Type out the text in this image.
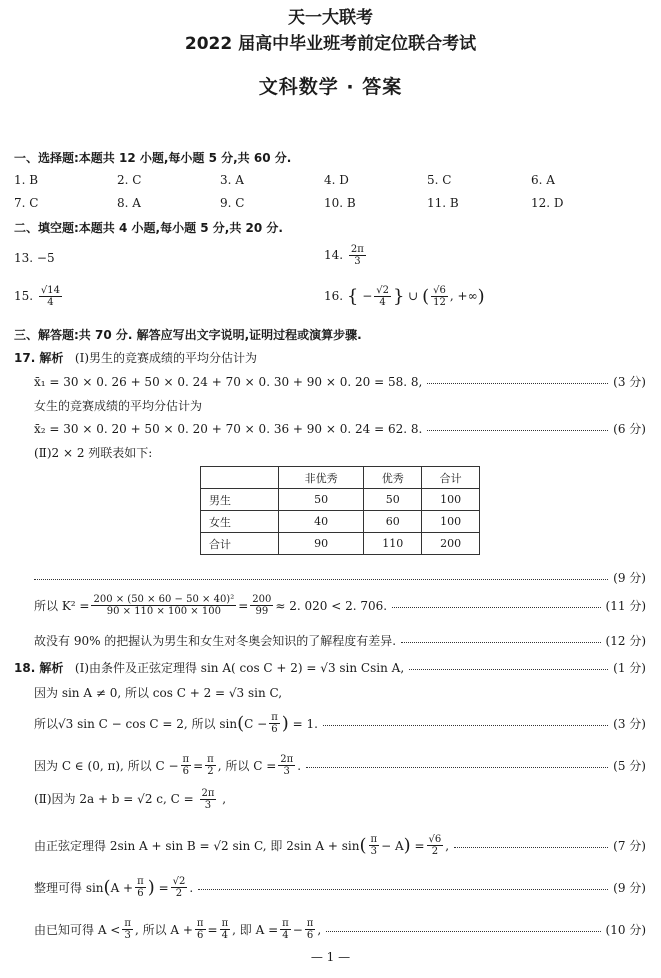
天一大联考
2022 届高中毕业班考前定位联合考试
文科数学 · 答案
一、选择题:本题共 12 小题,每小题 5 分,共 60 分.
1. B	2. C	3. A	4. D	5. C	6. A
7. C	8. A	9. C	10. B	11. B	12. D
二、填空题:本题共 4 小题,每小题 5 分,共 20 分.
13. −5	14. $\frac{2\pi}{3}$
15. $\frac{√14}{4}$	16. { − $\frac{√2}{4}$ } ∪ ( $\frac{√6}{12}$ , +∞)
三、解答题:共 70 分. 解答应写出文字说明,证明过程或演算步骤.
17. 解析 (Ⅰ)男生的竞赛成绩的平均分估计为
x̄₁ = 30 × 0. 26 + 50 × 0. 24 + 70 × 0. 30 + 90 × 0. 20 = 58. 8,	(3 分)
女生的竞赛成绩的平均分估计为
x̄₂ = 30 × 0. 20 + 50 × 0. 20 + 70 × 0. 36 + 90 × 0. 24 = 62. 8.	(6 分)
(Ⅱ)2 × 2 列联表如下:
	非优秀	优秀	合计
男生	50	50	100
女生	40	60	100
合计	90	110	200
(9 分)
所以 $K^2 = \frac{\text{200 × (50 × 60 − 50 × 40)²}}{90 \times 110 \times 100 \times 100} = \frac{200}{99} \approx 2$. 020 < 2. 706.	(11 分)
故没有 90% 的把握认为男生和女生对冬奥会知识的了解程度有差异.	(12 分)
18. 解析
(Ⅰ)由条件及正弦定理得 sin A( cos C + 2) = √3 sin Csin A,	(1 分)
因为 sin A ≠ 0, 所以 cos C + 2 = √3 sin C,
所以√3 sin C − cos C = 2, 所以 sin ( $C - \frac{\pi}{6}$ )
= 1.	(3 分)
因为 C ∈ (0, π), 所以 $C - \frac{\pi}{6} = \frac{\pi}{2}$ , 所以 $C = \frac{2\pi}{3}$ .	(5 分)
(Ⅱ)因为 2a + b = √2 c, $C = \frac{2\pi}{3}$ ,
由正弦定理得 2sin A + sin B = √2 sin C, 即 2sin A + sin ( π
3 − A )
= $\frac{√6}{2}$ ,	(7 分)
整理可得 sin ( $A + \frac{\pi}{6}$ )
= $\frac{√2}{2}$ .	(9 分)
由已知可得 A < π
3 , 所以 $A + \frac{\pi}{6} = \frac{\pi}{4}$ , 即 $A = \frac{\pi}{4} - \frac{\pi}{6}$ ,	(10 分)
— 1 —
